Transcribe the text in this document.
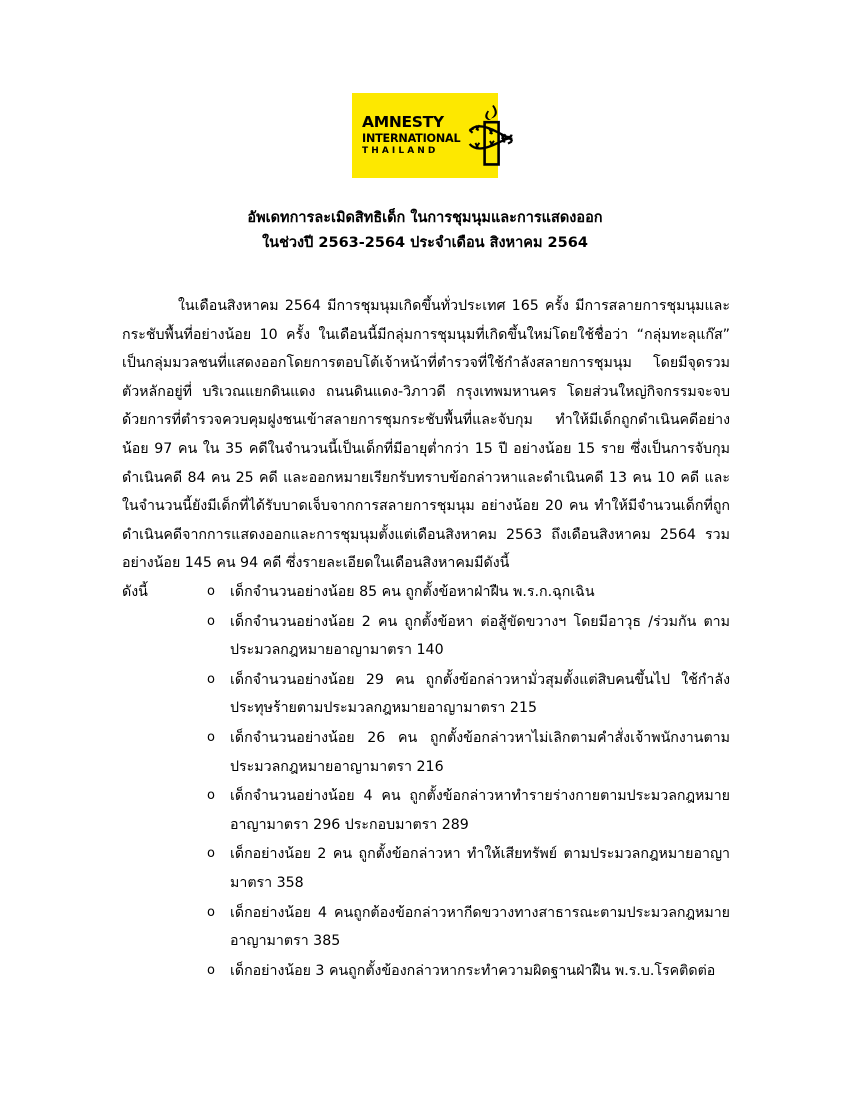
AMNESTY
INTERNATIONAL
THAILAND
อัพเดทการละเมิดสิทธิเด็ก ในการชุมนุมและการแสดงออก
ในช่วงปี 2563-2564 ประจำเดือน สิงหาคม 2564

ในเดือนสิงหาคม 2564 มีการชุมนุมเกิดขึ้นทั่วประเทศ 165 ครั้ง มีการสลายการชุมนุมและกระชับพื้นที่อย่างน้อย 10 ครั้ง ในเดือนนี้มีกลุ่มการชุมนุมที่เกิดขึ้นใหม่โดยใช้ชื่อว่า “กลุ่มทะลุแก๊ส” เป็นกลุ่มมวลชนที่แสดงออกโดยการตอบโต้เจ้าหน้าที่ตำรวจที่ใช้กำลังสลายการชุมนุม โดยมีจุดรวมตัวหลักอยู่ที่ บริเวณแยกดินแดง ถนนดินแดง-วิภาวดี กรุงเทพมหานคร โดยส่วนใหญ่กิจกรรมจะจบด้วยการที่ตำรวจควบคุมฝูงชนเข้าสลายการชุมกระชับพื้นที่และจับกุม ทำให้มีเด็กถูกดำเนินคดีอย่างน้อย 97 คน ใน 35 คดีในจำนวนนี้เป็นเด็กที่มีอายุต่ำกว่า 15 ปี อย่างน้อย 15 ราย ซึ่งเป็นการจับกุมดำเนินคดี 84 คน 25 คดี และออกหมายเรียกรับทราบข้อกล่าวหาและดำเนินคดี 13 คน 10 คดี และในจำนวนนี้ยังมีเด็กที่ได้รับบาดเจ็บจากการสลายการชุมนุม อย่างน้อย 20 คน ทำให้มีจำนวนเด็กที่ถูกดำเนินคดีจากการแสดงออกและการชุมนุมตั้งแต่เดือนสิงหาคม 2563 ถึงเดือนสิงหาคม 2564 รวมอย่างน้อย 145 คน 94 คดี ซึ่งรายละเอียดในเดือนสิงหาคมมีดังนี้
ดังนี้	o เด็กจำนวนอย่างน้อย 85 คน ถูกตั้งข้อหาฝ่าฝืน พ.ร.ก.ฉุกเฉิน
o เด็กจำนวนอย่างน้อย 2 คน ถูกตั้งข้อหา ต่อสู้ขัดขวางฯ โดยมีอาวุธ /ร่วมกัน ตามประมวลกฎหมายอาญามาตรา 140
o เด็กจำนวนอย่างน้อย 29 คน ถูกตั้งข้อกล่าวหามั่วสุมตั้งแต่สิบคนขึ้นไป ใช้กำลังประทุษร้ายตามประมวลกฎหมายอาญามาตรา 215
o เด็กจำนวนอย่างน้อย 26 คน ถูกตั้งข้อกล่าวหาไม่เลิกตามคำสั่งเจ้าพนักงานตามประมวลกฎหมายอาญามาตรา 216
o เด็กจำนวนอย่างน้อย 4 คน ถูกตั้งข้อกล่าวหาทำรายร่างกายตามประมวลกฎหมายอาญามาตรา 296 ประกอบมาตรา 289
o เด็กอย่างน้อย 2 คน ถูกตั้งข้อกล่าวหา ทำให้เสียทรัพย์ ตามประมวลกฎหมายอาญามาตรา 358
o เด็กอย่างน้อย 4 คนถูกต้องข้อกล่าวหากีดขวางทางสาธารณะตามประมวลกฎหมายอาญามาตรา 385
o เด็กอย่างน้อย 3 คนถูกตั้งข้องกล่าวหากระทำความผิดฐานฝ่าฝืน พ.ร.บ.โรคติดต่อ
